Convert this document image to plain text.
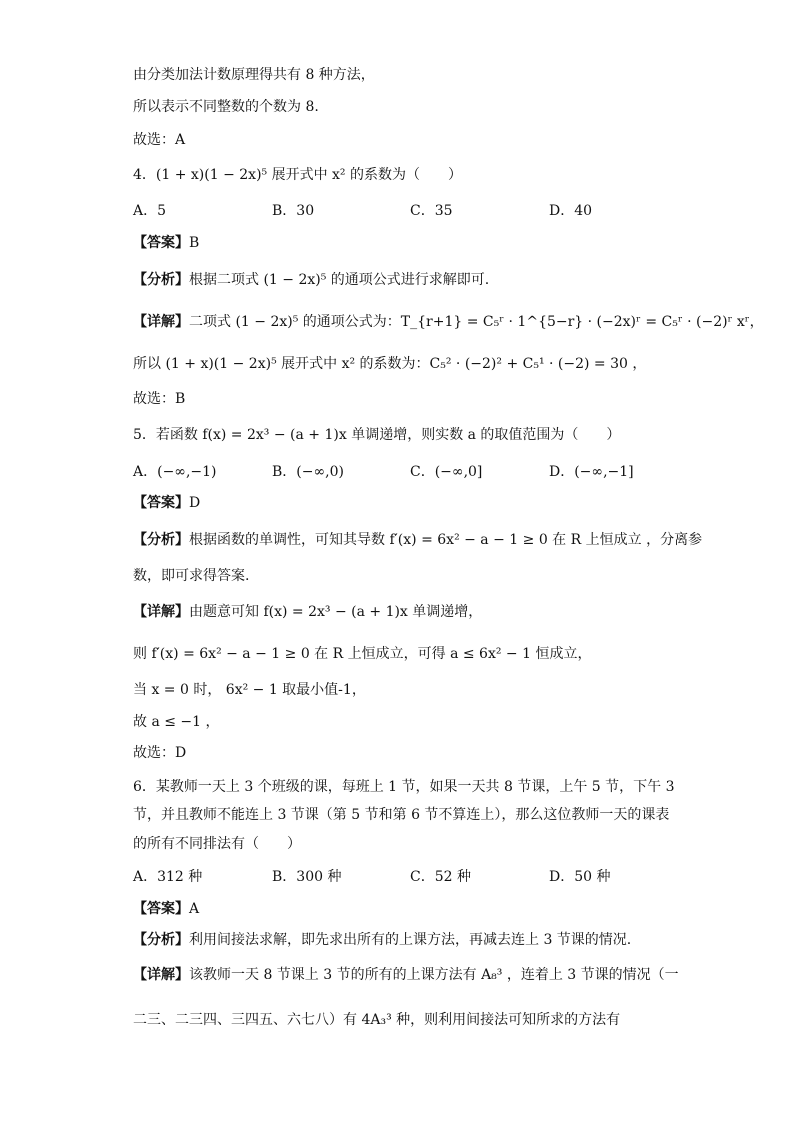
由分类加法计数原理得共有 8 种方法，
所以表示不同整数的个数为 8.
故选：A
4．(1 + x)(1 − 2x)⁵ 展开式中 x² 的系数为（　　）
A．5	B．30	C．35	D．40
【答案】B
【分析】根据二项式 (1 − 2x)⁵ 的通项公式进行求解即可.
【详解】二项式 (1 − 2x)⁵ 的通项公式为：T_{r+1} = C₅ʳ · 1^{5−r} · (−2x)ʳ = C₅ʳ · (−2)ʳ xʳ，
所以 (1 + x)(1 − 2x)⁵ 展开式中 x² 的系数为：C₅² · (−2)² + C₅¹ · (−2) = 30 ，
故选：B
5．若函数 f(x) = 2x³ − (a + 1)x 单调递增，则实数 a 的取值范围为（　　）
A．(−∞,−1)	B．(−∞,0)	C．(−∞,0]	D．(−∞,−1]
【答案】D
【分析】根据函数的单调性，可知其导数 f′(x) = 6x² − a − 1 ≥ 0 在 R 上恒成立 ，分离参
数，即可求得答案.
【详解】由题意可知 f(x) = 2x³ − (a + 1)x 单调递增，
则 f′(x) = 6x² − a − 1 ≥ 0 在 R 上恒成立，可得 a ≤ 6x² − 1 恒成立，
当 x = 0 时， 6x² − 1 取最小值-1，
故 a ≤ −1 ，
故选：D
6．某教师一天上 3 个班级的课，每班上 1 节，如果一天共 8 节课，上午 5 节，下午 3
节，并且教师不能连上 3 节课（第 5 节和第 6 节不算连上），那么这位教师一天的课表
的所有不同排法有（　　）
A．312 种	B．300 种	C．52 种	D．50 种
【答案】A
【分析】利用间接法求解，即先求出所有的上课方法，再减去连上 3 节课的情况.
【详解】该教师一天 8 节课上 3 节的所有的上课方法有 A₈³ ，连着上 3 节课的情况（一
二三、二三四、三四五、六七八）有 4A₃³ 种，则利用间接法可知所求的方法有
